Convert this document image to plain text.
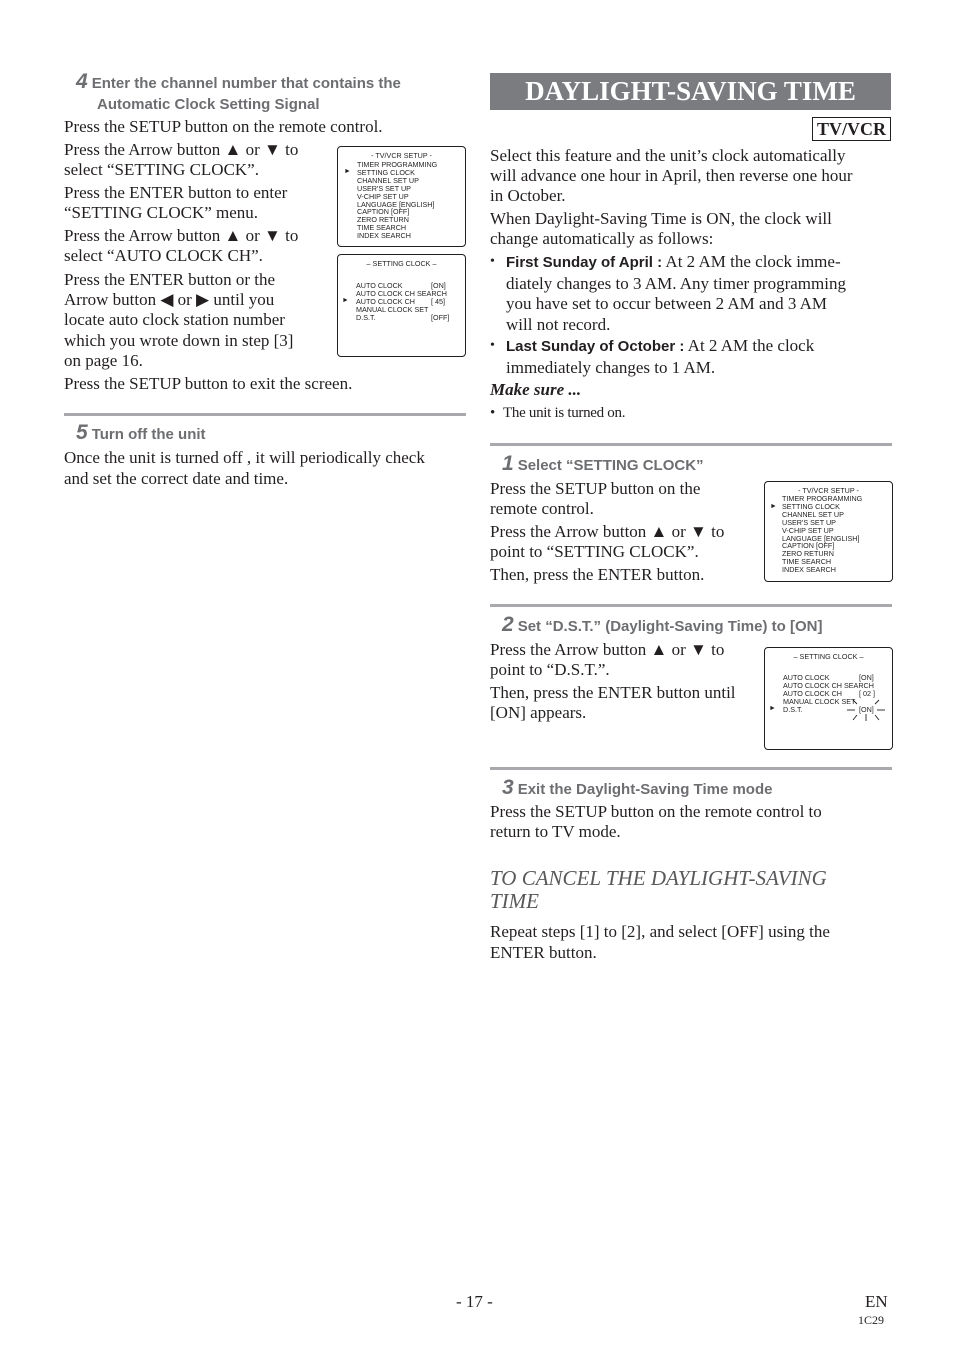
4 Enter the channel number that contains the
Automatic Clock Setting Signal

Press the SETUP button on the remote control.

Press the Arrow button ▲ or ▼ to

select “SETTING CLOCK”.

Press the ENTER button to enter

“SETTING CLOCK” menu.

Press the Arrow button ▲ or ▼ to

select “AUTO CLOCK CH”.

Press the ENTER button or the

Arrow button ◀ or ▶ until you

locate auto clock station number

which you wrote down in step [3]

on page 16.

Press the SETUP button to exit the screen.

- TV/VCR SETUP -
►
TIMER PROGRAMMING
SETTING CLOCK
CHANNEL SET UP
USER'S SET UP
V-CHIP SET UP
LANGUAGE [ENGLISH]
CAPTION [OFF]
ZERO RETURN
TIME SEARCH
INDEX SEARCH
– SETTING CLOCK –
►
AUTO CLOCK	[ON]
AUTO CLOCK CH SEARCH
AUTO CLOCK CH [ 45]
MANUAL CLOCK SET
D.S.T.	[OFF]
5 Turn off the unit

Once the unit is turned off , it will periodically check

and set the correct date and time.

DAYLIGHT-SAVING TIME
TV/VCR

Select this feature and the unit’s clock automatically

will advance one hour in April, then reverse one hour

in October.

When Daylight-Saving Time is ON, the clock will

change automatically as follows:

• First Sunday of April : At 2 AM the clock imme-
diately changes to 3 AM. Any timer programming
you have set to occur between 2 AM and 3 AM
will not record.
• Last Sunday of October : At 2 AM the clock
immediately changes to 1 AM.

Make sure ...

• The unit is turned on.
1 Select “SETTING CLOCK”

Press the SETUP button on the

remote control.

Press the Arrow button ▲ or ▼ to

point to “SETTING CLOCK”.

Then, press the ENTER button.

- TV/VCR SETUP -
►
TIMER PROGRAMMING
SETTING CLOCK
CHANNEL SET UP
USER'S SET UP
V-CHIP SET UP
LANGUAGE [ENGLISH]
CAPTION [OFF]
ZERO RETURN
TIME SEARCH
INDEX SEARCH
2 Set “D.S.T.” (Daylight-Saving Time) to [ON]

Press the Arrow button ▲ or ▼ to

point to “D.S.T.”.

Then, press the ENTER button until

[ON] appears.

– SETTING CLOCK –
►
AUTO CLOCK	[ON]
AUTO CLOCK CH SEARCH
AUTO CLOCK CH [ 02 ]
MANUAL CLOCK SET
D.S.T.	[ON]
3 Exit the Daylight-Saving Time mode

Press the SETUP button on the remote control to

return to TV mode.

TO CANCEL THE DAYLIGHT-SAVING

TIME

Repeat steps [1] to [2], and select [OFF] using the

ENTER button.

- 17 -	EN

1C29
